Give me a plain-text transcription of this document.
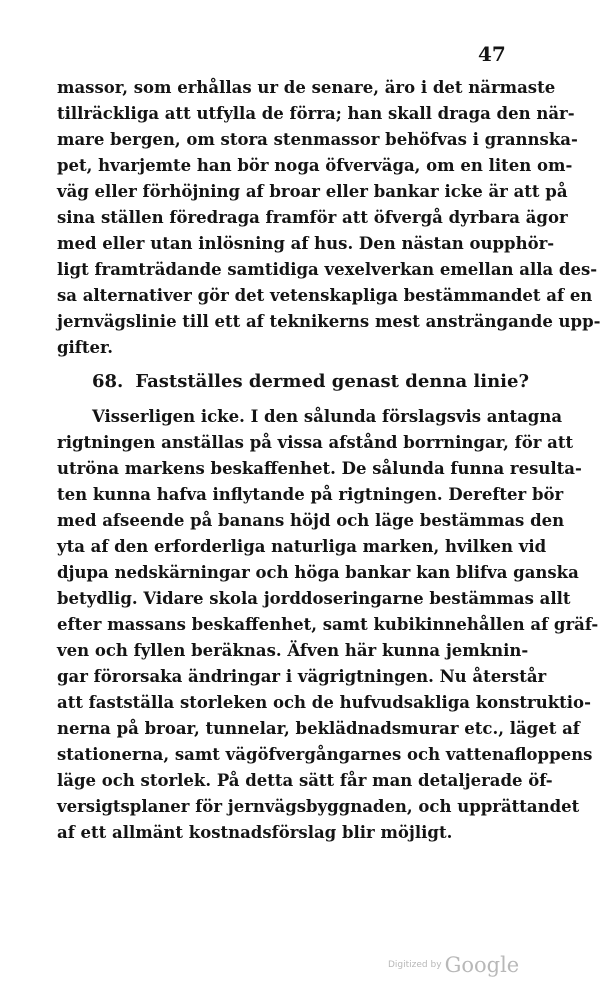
47
massor, som erhållas ur de senare, äro i det närmaste
tillräckliga att utfylla de förra; han skall draga den när-
mare bergen, om stora stenmassor behöfvas i grannska-
pet, hvarjemte han bör noga öfverväga, om en liten om-
väg eller förhöjning af broar eller bankar icke är att på
sina ställen föredraga framför att öfvergå dyrbara ägor
med eller utan inlösning af hus. Den nästan oupphör-
ligt framträdande samtidiga vexelverkan emellan alla des-
sa alternativer gör det vetenskapliga bestämmandet af en
jernvägslinie till ett af teknikerns mest ansträngande upp-
gifter.
68. Fastställes dermed genast denna linie?
Visserligen icke. I den sålunda förslagsvis antagna
rigtningen anställas på vissa afstånd borrningar, för att
utröna markens beskaffenhet. De sålunda funna resulta-
ten kunna hafva inflytande på rigtningen. Derefter bör
med afseende på banans höjd och läge bestämmas den
yta af den erforderliga naturliga marken, hvilken vid
djupa nedskärningar och höga bankar kan blifva ganska
betydlig. Vidare skola jorddoseringarne bestämmas allt
efter massans beskaffenhet, samt kubikinnehållen af gräf-
ven och fyllen beräknas. Äfven här kunna jemknin-
gar förorsaka ändringar i vägrigtningen. Nu återstår
att fastställa storleken och de hufvudsakliga konstruktio-
nerna på broar, tunnelar, beklädnadsmurar etc., läget af
stationerna, samt vägöfvergångarnes och vattenafloppens
läge och storlek. På detta sätt får man detaljerade öf-
versigtsplaner för jernvägsbyggnaden, och upprättandet
af ett allmänt kostnadsförslag blir möjligt.
Digitized by Google
